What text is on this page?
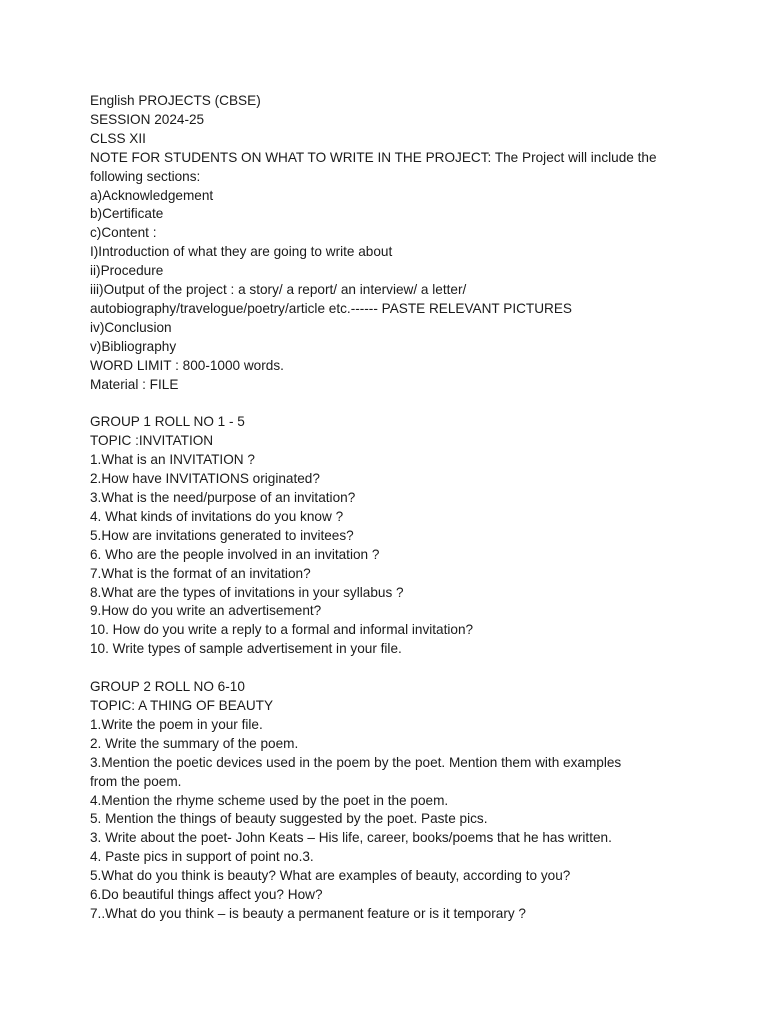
English PROJECTS (CBSE)
SESSION 2024-25
CLSS XII
NOTE FOR STUDENTS ON WHAT TO WRITE IN THE PROJECT: The Project will include the
following sections:
a)Acknowledgement
b)Certificate
c)Content :
I)Introduction of what they are going to write about
ii)Procedure
iii)Output of the project : a story/ a report/ an interview/ a letter/
autobiography/travelogue/poetry/article etc.------ PASTE RELEVANT PICTURES
iv)Conclusion
v)Bibliography
WORD LIMIT : 800-1000 words.
Material : FILE
GROUP 1 ROLL NO 1 - 5
TOPIC :INVITATION
1.What is an INVITATION ?
2.How have INVITATIONS originated?
3.What is the need/purpose of an invitation?
4. What kinds of invitations do you know ?
5.How are invitations generated to invitees?
6. Who are the people involved in an invitation ?
7.What is the format of an invitation?
8.What are the types of invitations in your syllabus ?
9.How do you write an advertisement?
10. How do you write a reply to a formal and informal invitation?
10. Write types of sample advertisement in your file.
GROUP 2 ROLL NO 6-10
TOPIC: A THING OF BEAUTY
1.Write the poem in your file.
2. Write the summary of the poem.
3.Mention the poetic devices used in the poem by the poet. Mention them with examples
from the poem.
4.Mention the rhyme scheme used by the poet in the poem.
5. Mention the things of beauty suggested by the poet. Paste pics.
3. Write about the poet- John Keats – His life, career, books/poems that he has written.
4. Paste pics in support of point no.3.
5.What do you think is beauty? What are examples of beauty, according to you?
6.Do beautiful things affect you? How?
7..What do you think – is beauty a permanent feature or is it temporary ?
